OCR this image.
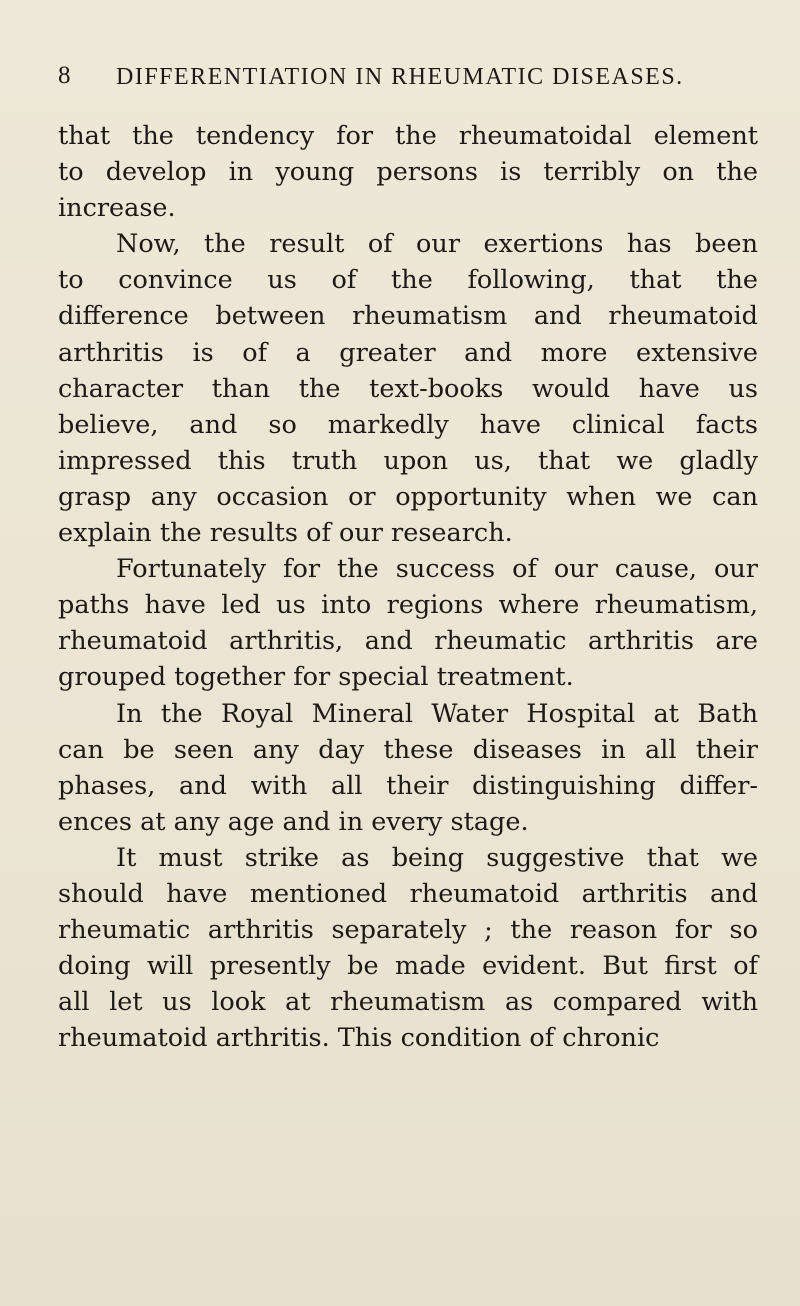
8 DIFFERENTIATION IN RHEUMATIC DISEASES.

that the tendency for the rheumatoidal element
to develop in young persons is terribly on the
increase.

Now, the result of our exertions has been
to convince us of the following, that the
difference between rheumatism and rheumatoid
arthritis is of a greater and more extensive
character than the text-books would have us
believe, and so markedly have clinical facts
impressed this truth upon us, that we gladly
grasp any occasion or opportunity when we can
explain the results of our research.

Fortunately for the success of our cause, our
paths have led us into regions where rheumatism,
rheumatoid arthritis, and rheumatic arthritis are
grouped together for special treatment.

In the Royal Mineral Water Hospital at Bath
can be seen any day these diseases in all their
phases, and with all their distinguishing differ-
ences at any age and in every stage.

It must strike as being suggestive that we
should have mentioned rheumatoid arthritis and
rheumatic arthritis separately ; the reason for so
doing will presently be made evident. But first of
all let us look at rheumatism as compared with
rheumatoid arthritis. This condition of chronic
